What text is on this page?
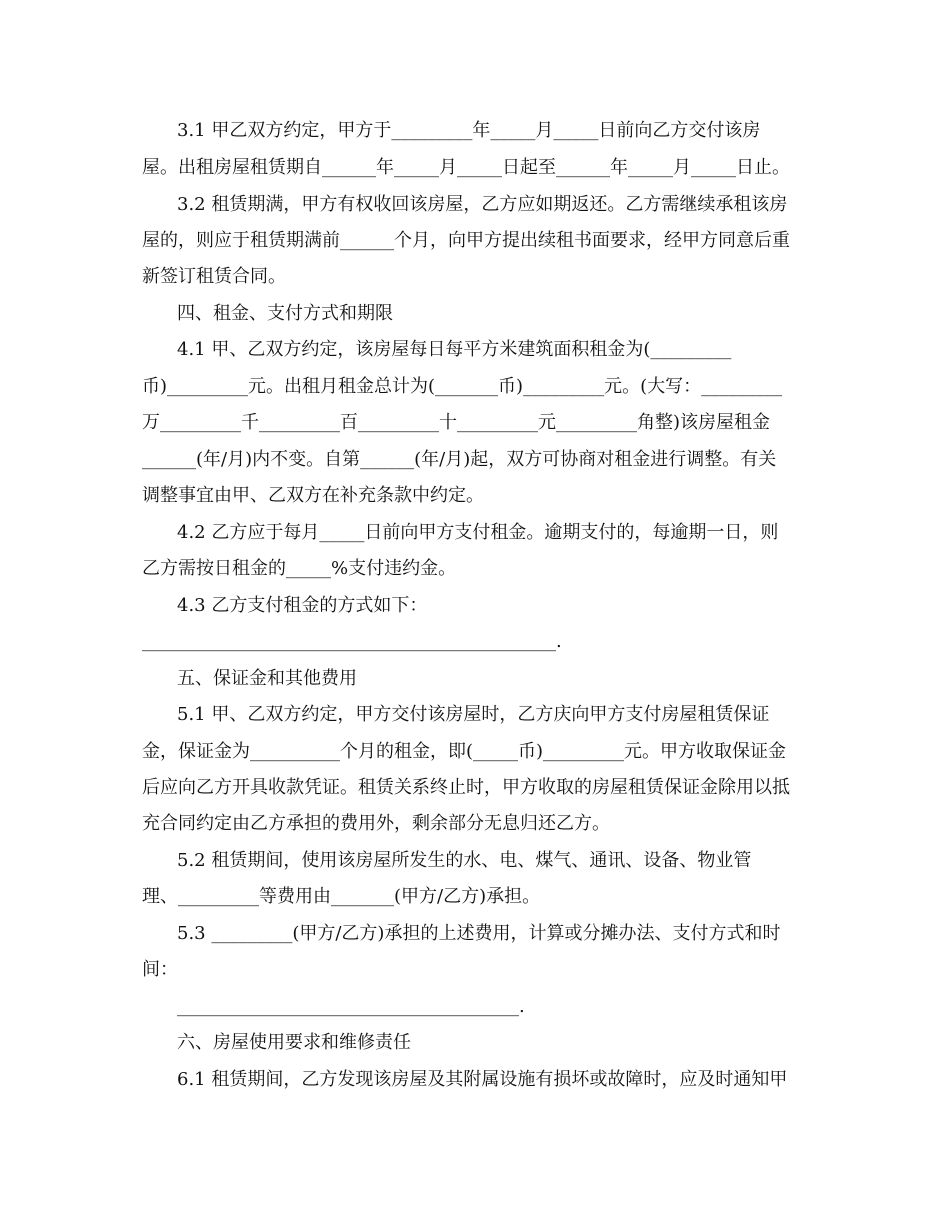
3.1 甲乙双方约定，甲方于_________年_____月_____日前向乙方交付该房
屋。出租房屋租赁期自______年_____月_____日起至______年_____月_____日止。
3.2 租赁期满，甲方有权收回该房屋，乙方应如期返还。乙方需继续承租该房
屋的，则应于租赁期满前______个月，向甲方提出续租书面要求，经甲方同意后重
新签订租赁合同。
四、租金、支付方式和期限
4.1 甲、乙双方约定，该房屋每日每平方米建筑面积租金为(_________
币)_________元。出租月租金总计为(_______币)_________元。(大写：_________
万_________千_________百_________十_________元_________角整)该房屋租金
______(年/月)内不变。自第______(年/月)起，双方可协商对租金进行调整。有关
调整事宜由甲、乙双方在补充条款中约定。
4.2 乙方应于每月_____日前向甲方支付租金。逾期支付的，每逾期一日，则
乙方需按日租金的_____%支付违约金。
4.3 乙方支付租金的方式如下：
______________________________________________.
五、保证金和其他费用
5.1 甲、乙双方约定，甲方交付该房屋时，乙方庆向甲方支付房屋租赁保证
金，保证金为__________个月的租金，即(_____币)_________元。甲方收取保证金
后应向乙方开具收款凭证。租赁关系终止时，甲方收取的房屋租赁保证金除用以抵
充合同约定由乙方承担的费用外，剩余部分无息归还乙方。
5.2 租赁期间，使用该房屋所发生的水、电、煤气、通讯、设备、物业管
理、_________等费用由_______(甲方/乙方)承担。
5.3 _________(甲方/乙方)承担的上述费用，计算或分摊办法、支付方式和时
间：
______________________________________.
六、房屋使用要求和维修责任
6.1 租赁期间，乙方发现该房屋及其附属设施有损坏或故障时，应及时通知甲
